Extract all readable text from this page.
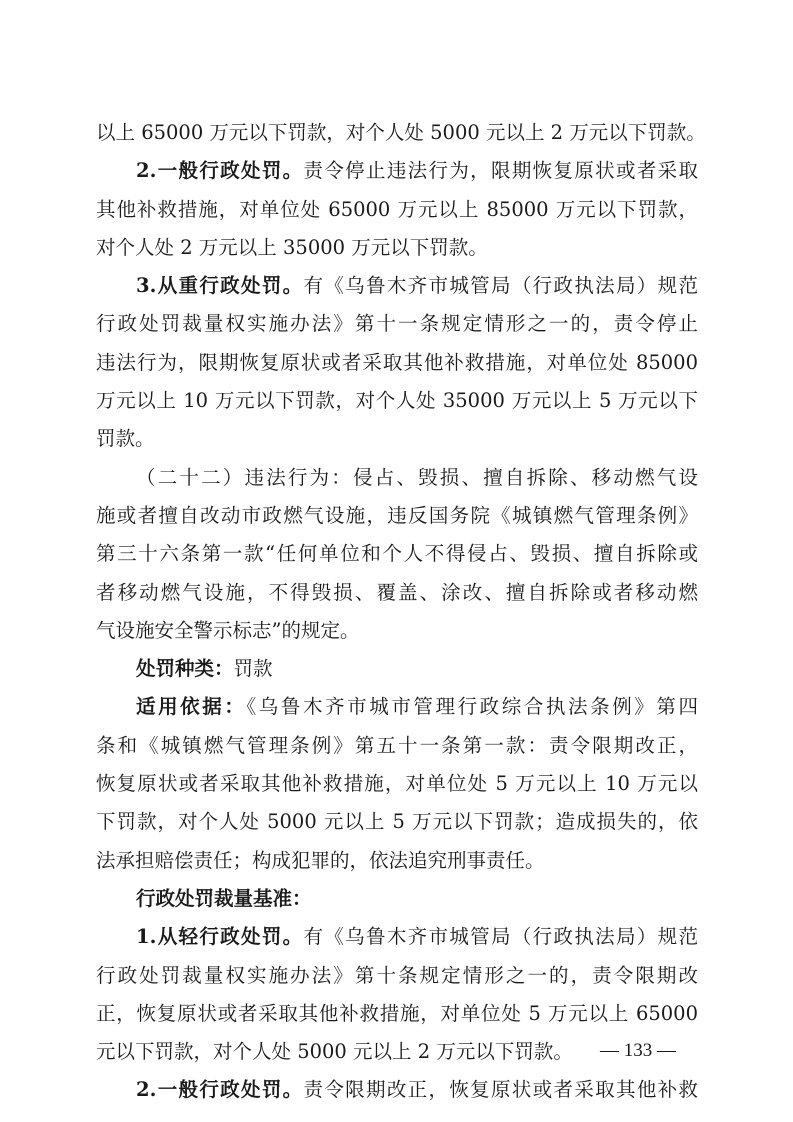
以上 65000 万元以下罚款，对个人处 5000 元以上 2 万元以下罚款。
2.一般行政处罚。责令停止违法行为，限期恢复原状或者采取
其他补救措施，对单位处 65000 万元以上 85000 万元以下罚款，
对个人处 2 万元以上 35000 万元以下罚款。
3.从重行政处罚。有《乌鲁木齐市城管局（行政执法局）规范
行政处罚裁量权实施办法》第十一条规定情形之一的，责令停止
违法行为，限期恢复原状或者采取其他补救措施，对单位处 85000
万元以上 10 万元以下罚款，对个人处 35000 万元以上 5 万元以下
罚款。
（二十二）违法行为：侵占、毁损、擅自拆除、移动燃气设
施或者擅自改动市政燃气设施，违反国务院《城镇燃气管理条例》
第三十六条第一款“任何单位和个人不得侵占、毁损、擅自拆除或
者移动燃气设施，不得毁损、覆盖、涂改、擅自拆除或者移动燃
气设施安全警示标志”的规定。
处罚种类：罚款
适用依据：《乌鲁木齐市城市管理行政综合执法条例》第四
条和《城镇燃气管理条例》第五十一条第一款：责令限期改正，
恢复原状或者采取其他补救措施，对单位处 5 万元以上 10 万元以
下罚款，对个人处 5000 元以上 5 万元以下罚款；造成损失的，依
法承担赔偿责任；构成犯罪的，依法追究刑事责任。
行政处罚裁量基准：
1.从轻行政处罚。有《乌鲁木齐市城管局（行政执法局）规范
行政处罚裁量权实施办法》第十条规定情形之一的，责令限期改
正，恢复原状或者采取其他补救措施，对单位处 5 万元以上 65000
元以下罚款，对个人处 5000 元以上 2 万元以下罚款。
2.一般行政处罚。责令限期改正，恢复原状或者采取其他补救
— 133 —
